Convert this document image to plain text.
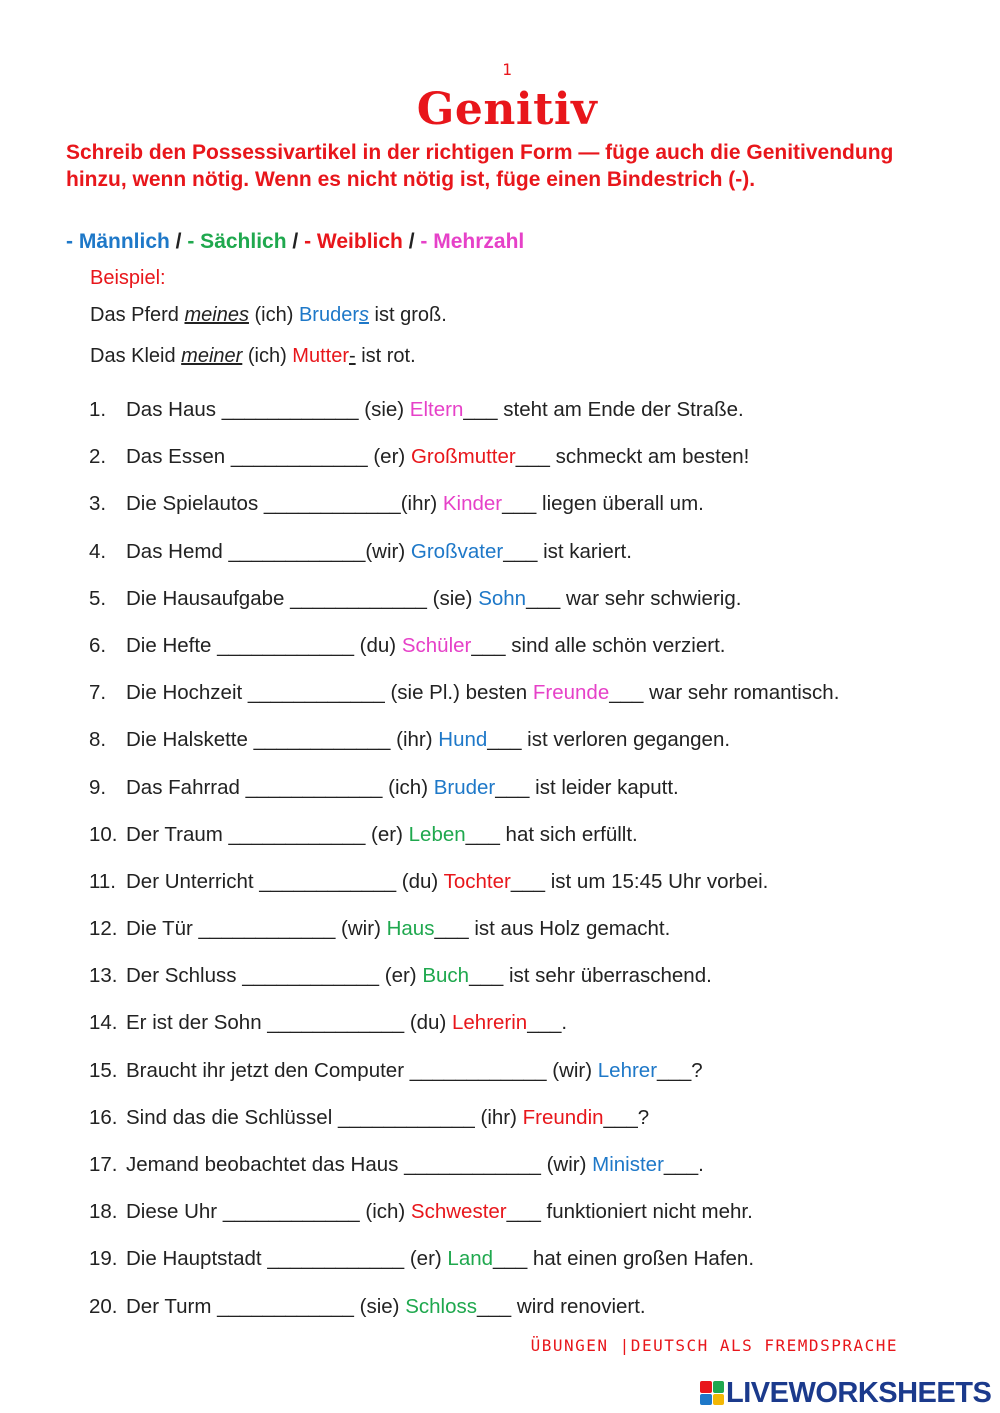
1
Genitiv
Schreib den Possessivartikel in der richtigen Form — füge auch die Genitivendung hinzu, wenn nötig. Wenn es nicht nötig ist, füge einen Bindestrich (-).
- Männlich / - Sächlich / - Weiblich / - Mehrzahl
Beispiel:
Das Pferd meines (ich) Bruders ist groß.
Das Kleid meiner (ich) Mutter- ist rot.
1. Das Haus ____________ (sie) Eltern___ steht am Ende der Straße.
2. Das Essen ____________ (er) Großmutter___ schmeckt am besten!
3. Die Spielautos ____________(ihr) Kinder___ liegen überall um.
4. Das Hemd ____________(wir) Großvater___ ist kariert.
5. Die Hausaufgabe ____________ (sie) Sohn___ war sehr schwierig.
6. Die Hefte ____________ (du) Schüler___ sind alle schön verziert.
7. Die Hochzeit ____________ (sie Pl.) besten Freunde___ war sehr romantisch.
8. Die Halskette ____________ (ihr) Hund___ ist verloren gegangen.
9. Das Fahrrad ____________ (ich) Bruder___ ist leider kaputt.
10. Der Traum ____________ (er) Leben___ hat sich erfüllt.
11. Der Unterricht ____________ (du) Tochter___ ist um 15:45 Uhr vorbei.
12. Die Tür ____________ (wir) Haus___ ist aus Holz gemacht.
13. Der Schluss ____________ (er) Buch___ ist sehr überraschend.
14. Er ist der Sohn ____________ (du) Lehrerin___.
15. Braucht ihr jetzt den Computer ____________ (wir) Lehrer___?
16. Sind das die Schlüssel ____________ (ihr) Freundin___?
17. Jemand beobachtet das Haus ____________ (wir) Minister___.
18. Diese Uhr ____________ (ich) Schwester___ funktioniert nicht mehr.
19. Die Hauptstadt ____________ (er) Land___ hat einen großen Hafen.
20. Der Turm ____________ (sie) Schloss___ wird renoviert.
ÜBUNGEN |DEUTSCH ALS FREMDSPRACHE
LIVEWORKSHEETS
